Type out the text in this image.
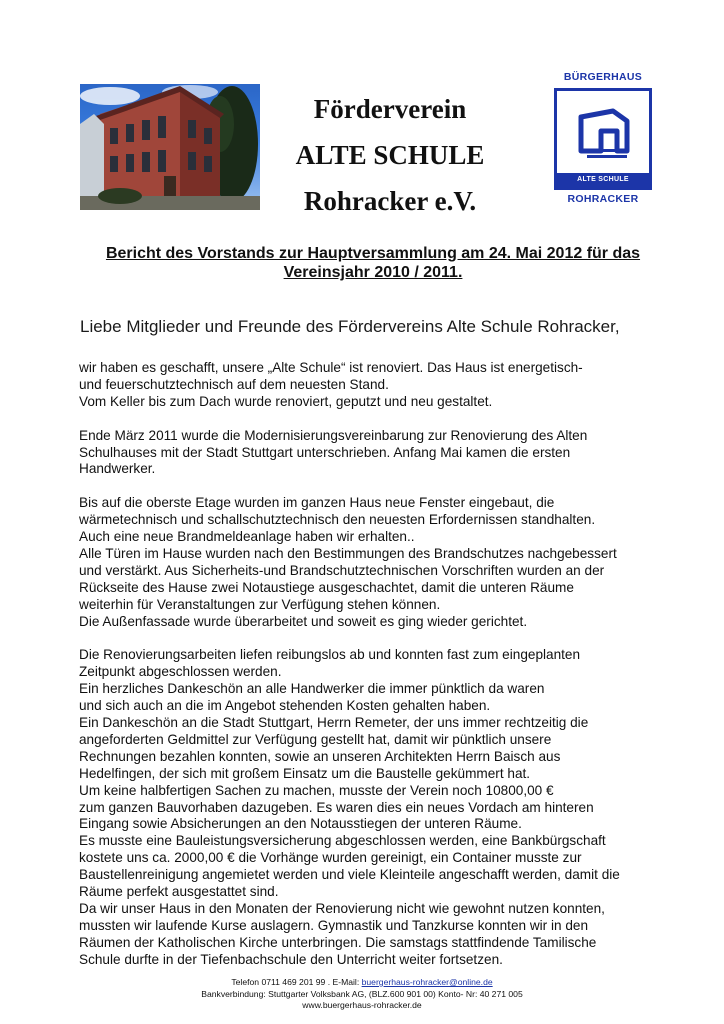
Förderverein
ALTE SCHULE
Rohracker e.V.
BÜRGERHAUS
ALTE SCHULE
ROHRACKER
Bericht des Vorstands zur Hauptversammlung am 24. Mai 2012 für das
Vereinsjahr 2010 / 2011.
Liebe Mitglieder und Freunde des Fördervereins Alte Schule Rohracker,

wir haben es geschafft, unsere „Alte Schule“ ist renoviert. Das Haus ist energetisch-
und feuerschutztechnisch auf dem neuesten Stand.
Vom Keller bis zum Dach wurde renoviert, geputzt und neu gestaltet.

Ende März 2011 wurde die Modernisierungsvereinbarung zur Renovierung des Alten
Schulhauses mit der Stadt Stuttgart unterschrieben. Anfang Mai kamen die ersten
Handwerker.

Bis auf die oberste Etage wurden im ganzen Haus neue Fenster eingebaut, die
wärmetechnisch und schallschutztechnisch den neuesten Erfordernissen standhalten.
Auch eine neue Brandmeldeanlage haben wir erhalten..
Alle Türen im Hause wurden nach den Bestimmungen des Brandschutzes nachgebessert
und verstärkt. Aus Sicherheits-und Brandschutztechnischen Vorschriften wurden an der
Rückseite des Hause zwei Notaustiege ausgeschachtet, damit die unteren Räume
weiterhin für Veranstaltungen zur Verfügung stehen können.
Die Außenfassade wurde überarbeitet und soweit es ging wieder gerichtet.

Die Renovierungsarbeiten liefen reibungslos ab und konnten fast zum eingeplanten
Zeitpunkt abgeschlossen werden.
Ein herzliches Dankeschön an alle Handwerker die immer pünktlich da waren
und sich auch an die im Angebot stehenden Kosten gehalten haben.
Ein Dankeschön an die Stadt Stuttgart, Herrn Remeter, der uns immer rechtzeitig die
angeforderten Geldmittel zur Verfügung gestellt hat, damit wir pünktlich unsere
Rechnungen bezahlen konnten, sowie an unseren Architekten Herrn Baisch aus
Hedelfingen, der sich mit großem Einsatz um die Baustelle gekümmert hat.
Um keine halbfertigen Sachen zu machen, musste der Verein noch 10800,00 €
zum ganzen Bauvorhaben dazugeben. Es waren dies ein neues Vordach am hinteren
Eingang sowie Absicherungen an den Notausstiegen der unteren Räume.
Es musste eine Bauleistungsversicherung abgeschlossen werden, eine Bankbürgschaft
kostete uns ca. 2000,00 € die Vorhänge wurden gereinigt, ein Container musste zur
Baustellenreinigung angemietet werden und viele Kleinteile angeschafft werden, damit die
Räume perfekt ausgestattet sind.
Da wir unser Haus in den Monaten der Renovierung nicht wie gewohnt nutzen konnten,
mussten wir laufende Kurse auslagern. Gymnastik und Tanzkurse konnten wir in den
Räumen der Katholischen Kirche unterbringen. Die samstags stattfindende Tamilische
Schule durfte in der Tiefenbachschule den Unterricht weiter fortsetzen.

Telefon 0711 469 201 99 . E-Mail: buergerhaus-rohracker@online.de
Bankverbindung: Stuttgarter Volksbank AG, (BLZ.600 901 00) Konto- Nr: 40 271 005
www.buergerhaus-rohracker.de
